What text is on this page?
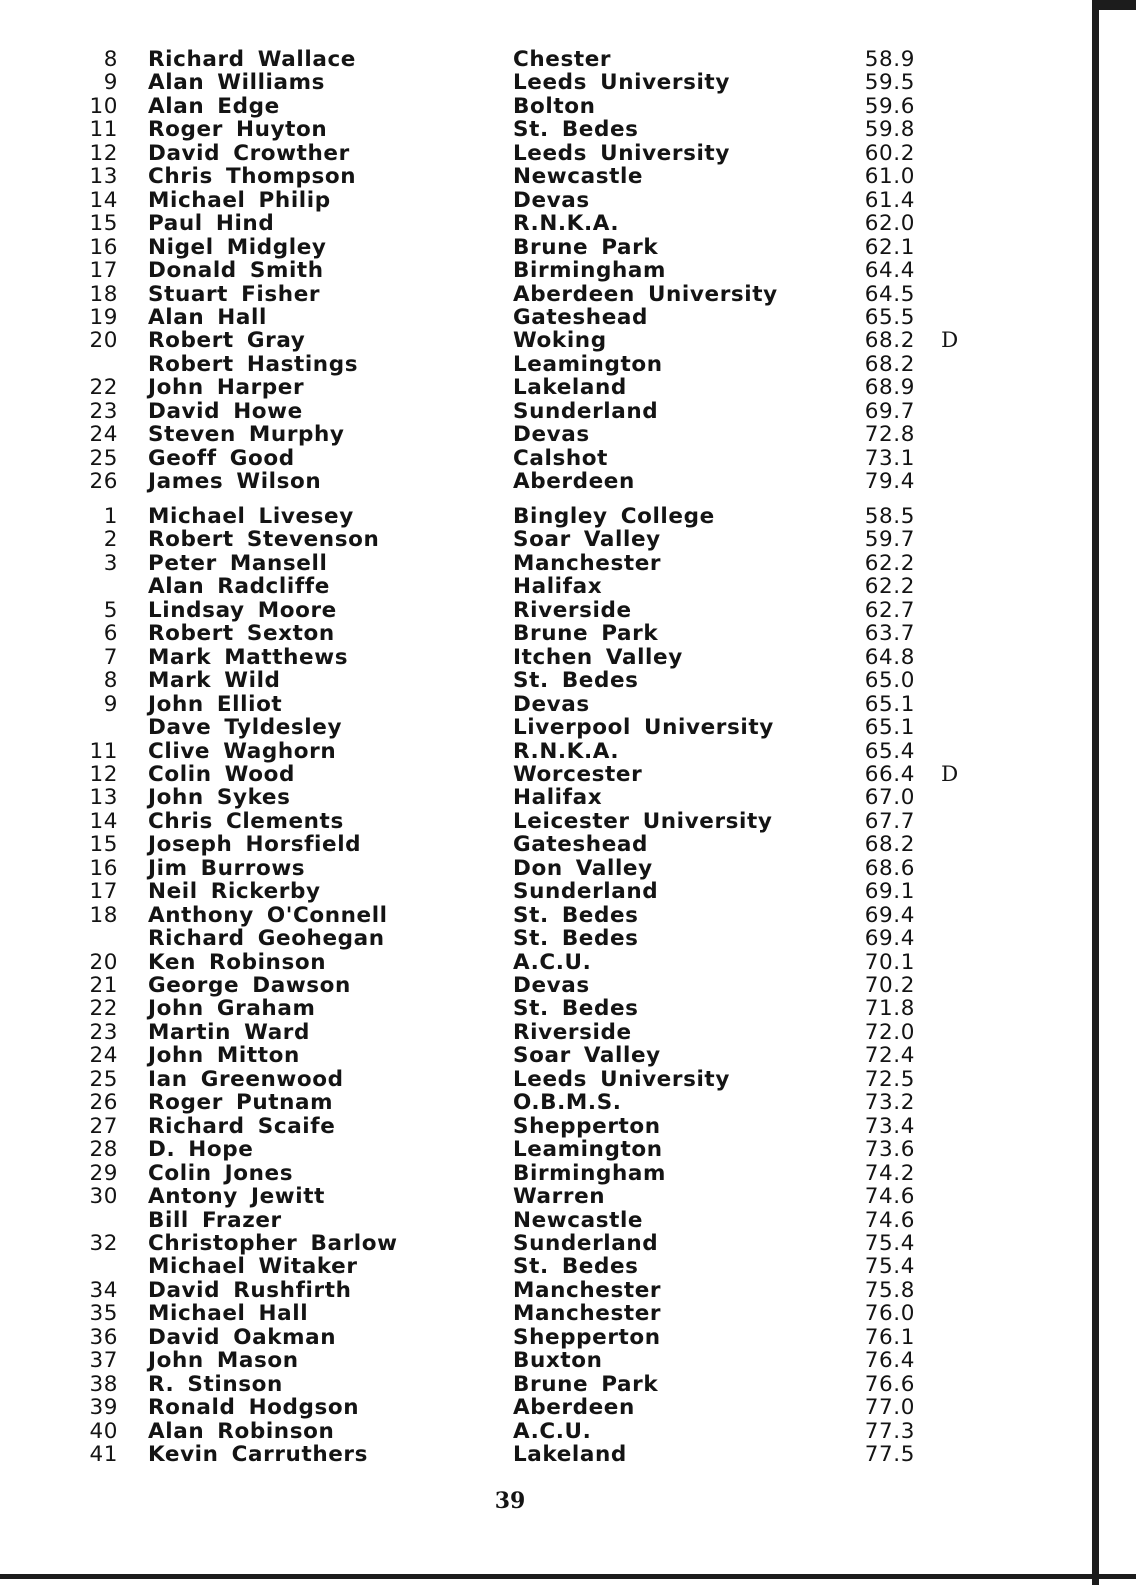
8 Richard Wallace	Chester	58.9
9 Alan Williams	Leeds University	59.5
10 Alan Edge	Bolton	59.6
11 Roger Huyton	St. Bedes	59.8
12 David Crowther	Leeds University	60.2
13 Chris Thompson	Newcastle	61.0
14 Michael Philip	Devas	61.4
15 Paul Hind	R.N.K.A.	62.0
16 Nigel Midgley	Brune Park	62.1
17 Donald Smith	Birmingham	64.4
18 Stuart Fisher	Aberdeen University	64.5
19 Alan Hall	Gateshead	65.5
20 Robert Gray	Woking	68.2 D
Robert Hastings	Leamington	68.2
22 John Harper	Lakeland	68.9
23 David Howe	Sunderland	69.7
24 Steven Murphy	Devas	72.8
25 Geoff Good	Calshot	73.1
26 James Wilson	Aberdeen	79.4
1 Michael Livesey	Bingley College	58.5
2 Robert Stevenson	Soar Valley	59.7
3 Peter Mansell	Manchester	62.2
Alan Radcliffe	Halifax	62.2
5 Lindsay Moore	Riverside	62.7
6 Robert Sexton	Brune Park	63.7
7 Mark Matthews	Itchen Valley	64.8
8 Mark Wild	St. Bedes	65.0
9 John Elliot	Devas	65.1
Dave Tyldesley	Liverpool University	65.1
11 Clive Waghorn	R.N.K.A.	65.4
12 Colin Wood	Worcester	66.4 D
13 John Sykes	Halifax	67.0
14 Chris Clements	Leicester University	67.7
15 Joseph Horsfield	Gateshead	68.2
16 Jim Burrows	Don Valley	68.6
17 Neil Rickerby	Sunderland	69.1
18 Anthony O'Connell	St. Bedes	69.4
Richard Geohegan	St. Bedes	69.4
20 Ken Robinson	A.C.U.	70.1
21 George Dawson	Devas	70.2
22 John Graham	St. Bedes	71.8
23 Martin Ward	Riverside	72.0
24 John Mitton	Soar Valley	72.4
25 Ian Greenwood	Leeds University	72.5
26 Roger Putnam	O.B.M.S.	73.2
27 Richard Scaife	Shepperton	73.4
28 D. Hope	Leamington	73.6
29 Colin Jones	Birmingham	74.2
30 Antony Jewitt	Warren	74.6
Bill Frazer	Newcastle	74.6
32 Christopher Barlow	Sunderland	75.4
Michael Witaker	St. Bedes	75.4
34 David Rushfirth	Manchester	75.8
35 Michael Hall	Manchester	76.0
36 David Oakman	Shepperton	76.1
37 John Mason	Buxton	76.4
38 R. Stinson	Brune Park	76.6
39 Ronald Hodgson	Aberdeen	77.0
40 Alan Robinson	A.C.U.	77.3
41 Kevin Carruthers	Lakeland	77.5
39
